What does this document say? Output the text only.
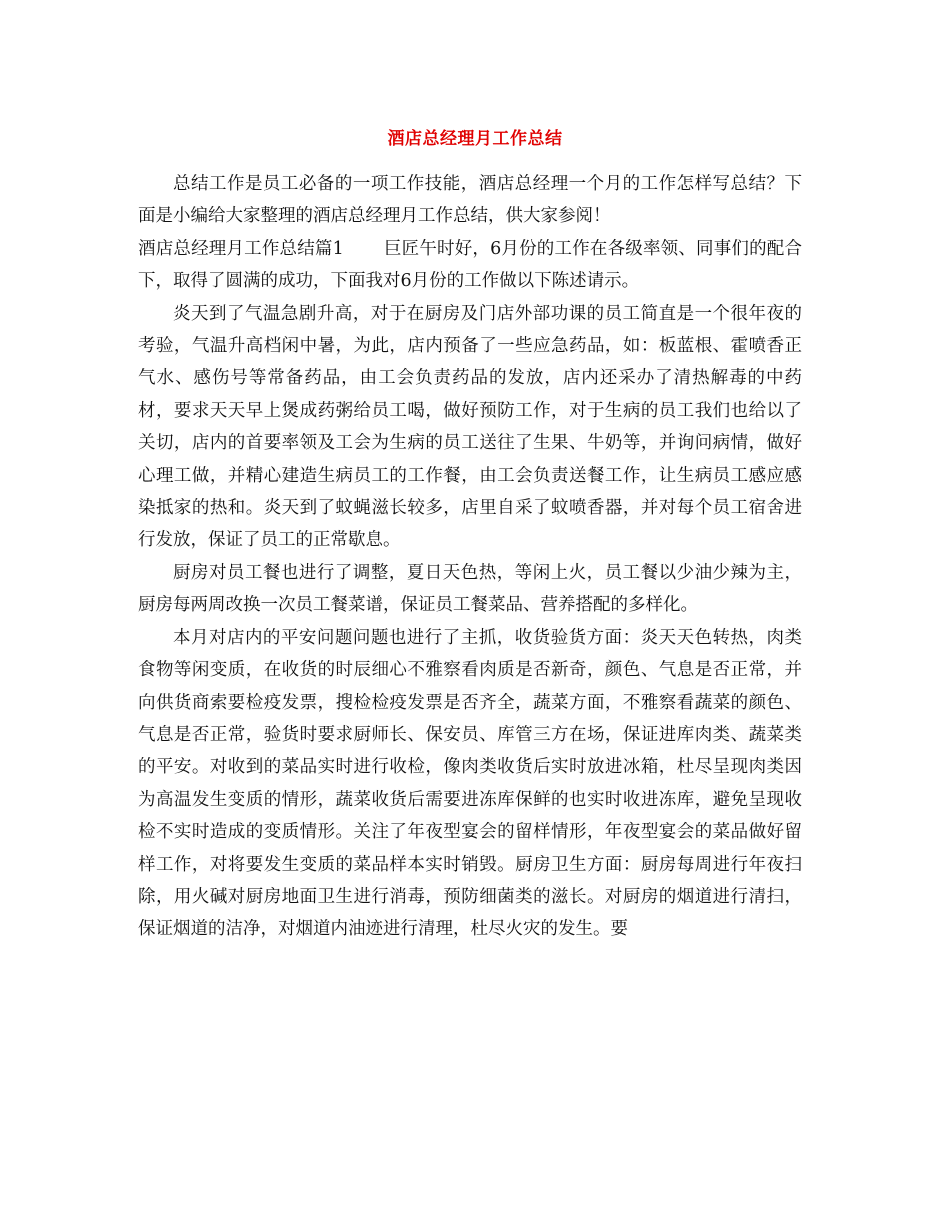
酒店总经理月工作总结

总结工作是员工必备的一项工作技能，酒店总经理一个月的工作怎样写总结？下面是小编给大家整理的酒店总经理月工作总结，供大家参阅！

酒店总经理月工作总结篇1 巨匠午时好，6月份的工作在各级率领、同事们的配合下，取得了圆满的成功，下面我对6月份的工作做以下陈述请示。

炎天到了气温急剧升高，对于在厨房及门店外部功课的员工简直是一个很年夜的考验，气温升高档闲中暑，为此，店内预备了一些应急药品，如：板蓝根、霍喷香正气水、感伤号等常备药品，由工会负责药品的发放，店内还采办了清热解毒的中药材，要求天天早上煲成药粥给员工喝，做好预防工作，对于生病的员工我们也给以了关切，店内的首要率领及工会为生病的员工送往了生果、牛奶等，并询问病情，做好心理工做，并精心建造生病员工的工作餐，由工会负责送餐工作，让生病员工感应感染抵家的热和。炎天到了蚊蝇滋长较多，店里自采了蚊喷香器，并对每个员工宿舍进行发放，保证了员工的正常歇息。

厨房对员工餐也进行了调整，夏日天色热，等闲上火，员工餐以少油少辣为主，厨房每两周改换一次员工餐菜谱，保证员工餐菜品、营养搭配的多样化。

本月对店内的平安问题问题也进行了主抓，收货验货方面：炎天天色转热，肉类食物等闲变质，在收货的时辰细心不雅察看肉质是否新奇，颜色、气息是否正常，并向供货商索要检疫发票，搜检检疫发票是否齐全，蔬菜方面，不雅察看蔬菜的颜色、气息是否正常，验货时要求厨师长、保安员、库管三方在场，保证进库肉类、蔬菜类的平安。对收到的菜品实时进行收检，像肉类收货后实时放进冰箱，杜尽呈现肉类因为高温发生变质的情形，蔬菜收货后需要进冻库保鲜的也实时收进冻库，避免呈现收检不实时造成的变质情形。关注了年夜型宴会的留样情形，年夜型宴会的菜品做好留样工作，对将要发生变质的菜品样本实时销毁。厨房卫生方面：厨房每周进行年夜扫除，用火碱对厨房地面卫生进行消毒，预防细菌类的滋长。对厨房的烟道进行清扫，保证烟道的洁净，对烟道内油迹进行清理，杜尽火灾的发生。要
